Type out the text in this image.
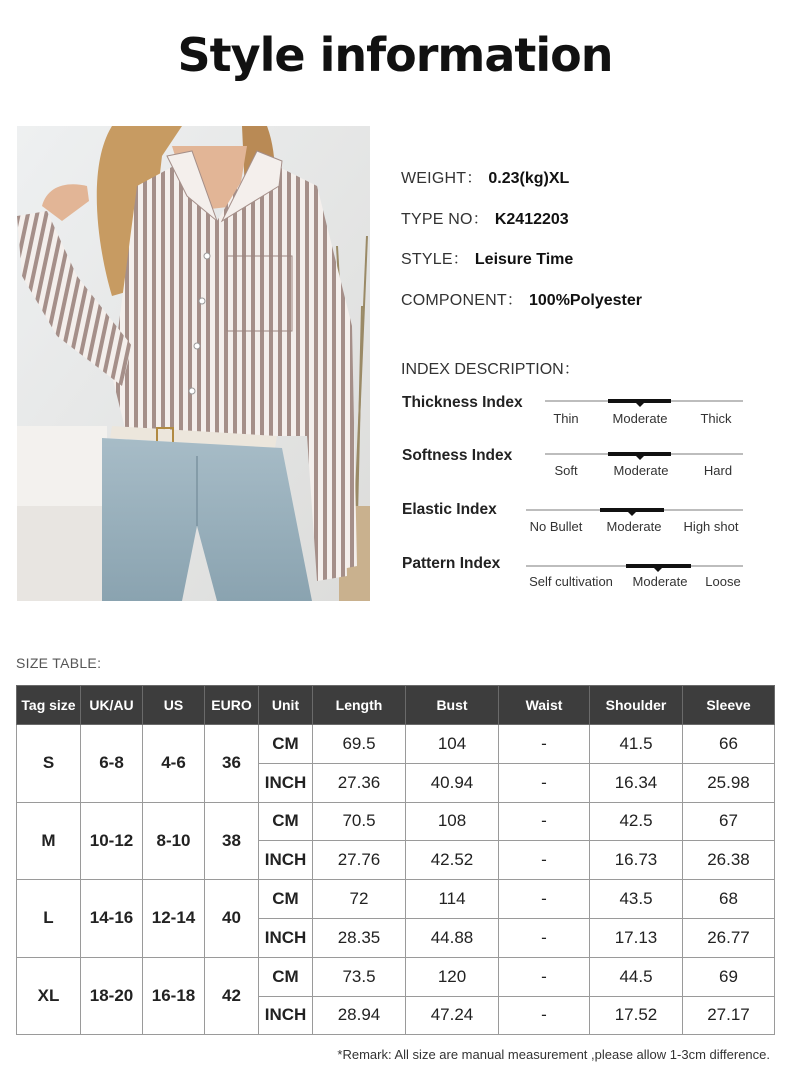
Style information
WEIGHT： 0.23(kg)XL
TYPE NO： K2412203
STYLE： Leisure Time
COMPONENT： 100%Polyester
INDEX DESCRIPTION：
Thickness Index
Thin	Moderate	Thick
Softness Index
Soft	Moderate	Hard
Elastic Index
No Bullet Moderate High shot
Pattern Index
Self cultivation Moderate Loose
SIZE TABLE:
Tag size	UK/AU	US	EURO	Unit	Length	Bust	Waist	Shoulder	Sleeve
S	6-8	4-6	36	CM	69.5	104	-	41.5	66
				INCH	27.36	40.94	-	16.34	25.98
M	10-12	8-10	38	CM	70.5	108	-	42.5	67
				INCH	27.76	42.52	-	16.73	26.38
L	14-16	12-14	40	CM	72	114	-	43.5	68
				INCH	28.35	44.88	-	17.13	26.77
XL	18-20	16-18	42	CM	73.5	120	-	44.5	69
				INCH	28.94	47.24	-	17.52	27.17
*Remark: All size are manual measurement ,please allow 1-3cm difference.
